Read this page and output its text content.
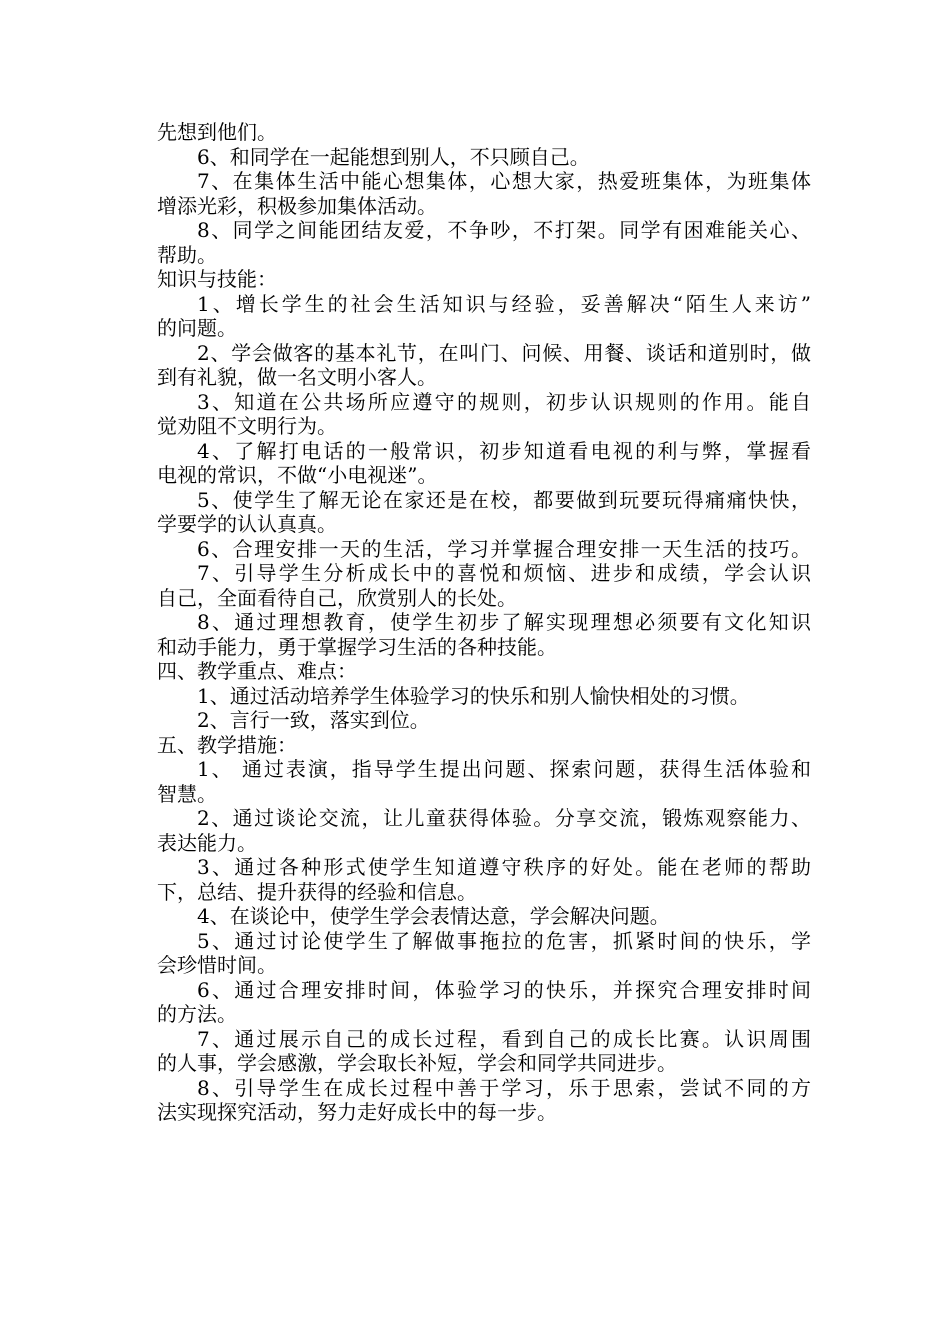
先想到他们。

6、和同学在一起能想到别人，不只顾自己。

7、在集体生活中能心想集体，心想大家，热爱班集体，为班集体

增添光彩，积极参加集体活动。

8、同学之间能团结友爱，不争吵，不打架。同学有困难能关心、

帮助。

知识与技能：

1、增长学生的社会生活知识与经验，妥善解决“陌生人来访”

的问题。

2、学会做客的基本礼节，在叫门、问候、用餐、谈话和道别时，做

到有礼貌，做一名文明小客人。

3、知道在公共场所应遵守的规则，初步认识规则的作用。能自

觉劝阻不文明行为。

4、了解打电话的一般常识，初步知道看电视的利与弊，掌握看

电视的常识，不做“小电视迷”。

5、使学生了解无论在家还是在校，都要做到玩要玩得痛痛快快，

学要学的认认真真。

6、合理安排一天的生活，学习并掌握合理安排一天生活的技巧。

7、引导学生分析成长中的喜悦和烦恼、进步和成绩，学会认识

自己，全面看待自己，欣赏别人的长处。

8、通过理想教育，使学生初步了解实现理想必须要有文化知识

和动手能力，勇于掌握学习生活的各种技能。

四、教学重点、难点：

1、通过活动培养学生体验学习的快乐和别人愉快相处的习惯。

2、言行一致，落实到位。

五、教学措施：

1、 通过表演，指导学生提出问题、探索问题，获得生活体验和

智慧。

2、通过谈论交流，让儿童获得体验。分享交流，锻炼观察能力、

表达能力。

3、通过各种形式使学生知道遵守秩序的好处。能在老师的帮助

下，总结、提升获得的经验和信息。

4、在谈论中，使学生学会表情达意，学会解决问题。

5、通过讨论使学生了解做事拖拉的危害，抓紧时间的快乐，学

会珍惜时间。

6、通过合理安排时间，体验学习的快乐，并探究合理安排时间

的方法。

7、通过展示自己的成长过程，看到自己的成长比赛。认识周围

的人事，学会感激，学会取长补短，学会和同学共同进步。

8、引导学生在成长过程中善于学习，乐于思索，尝试不同的方

法实现探究活动，努力走好成长中的每一步。
